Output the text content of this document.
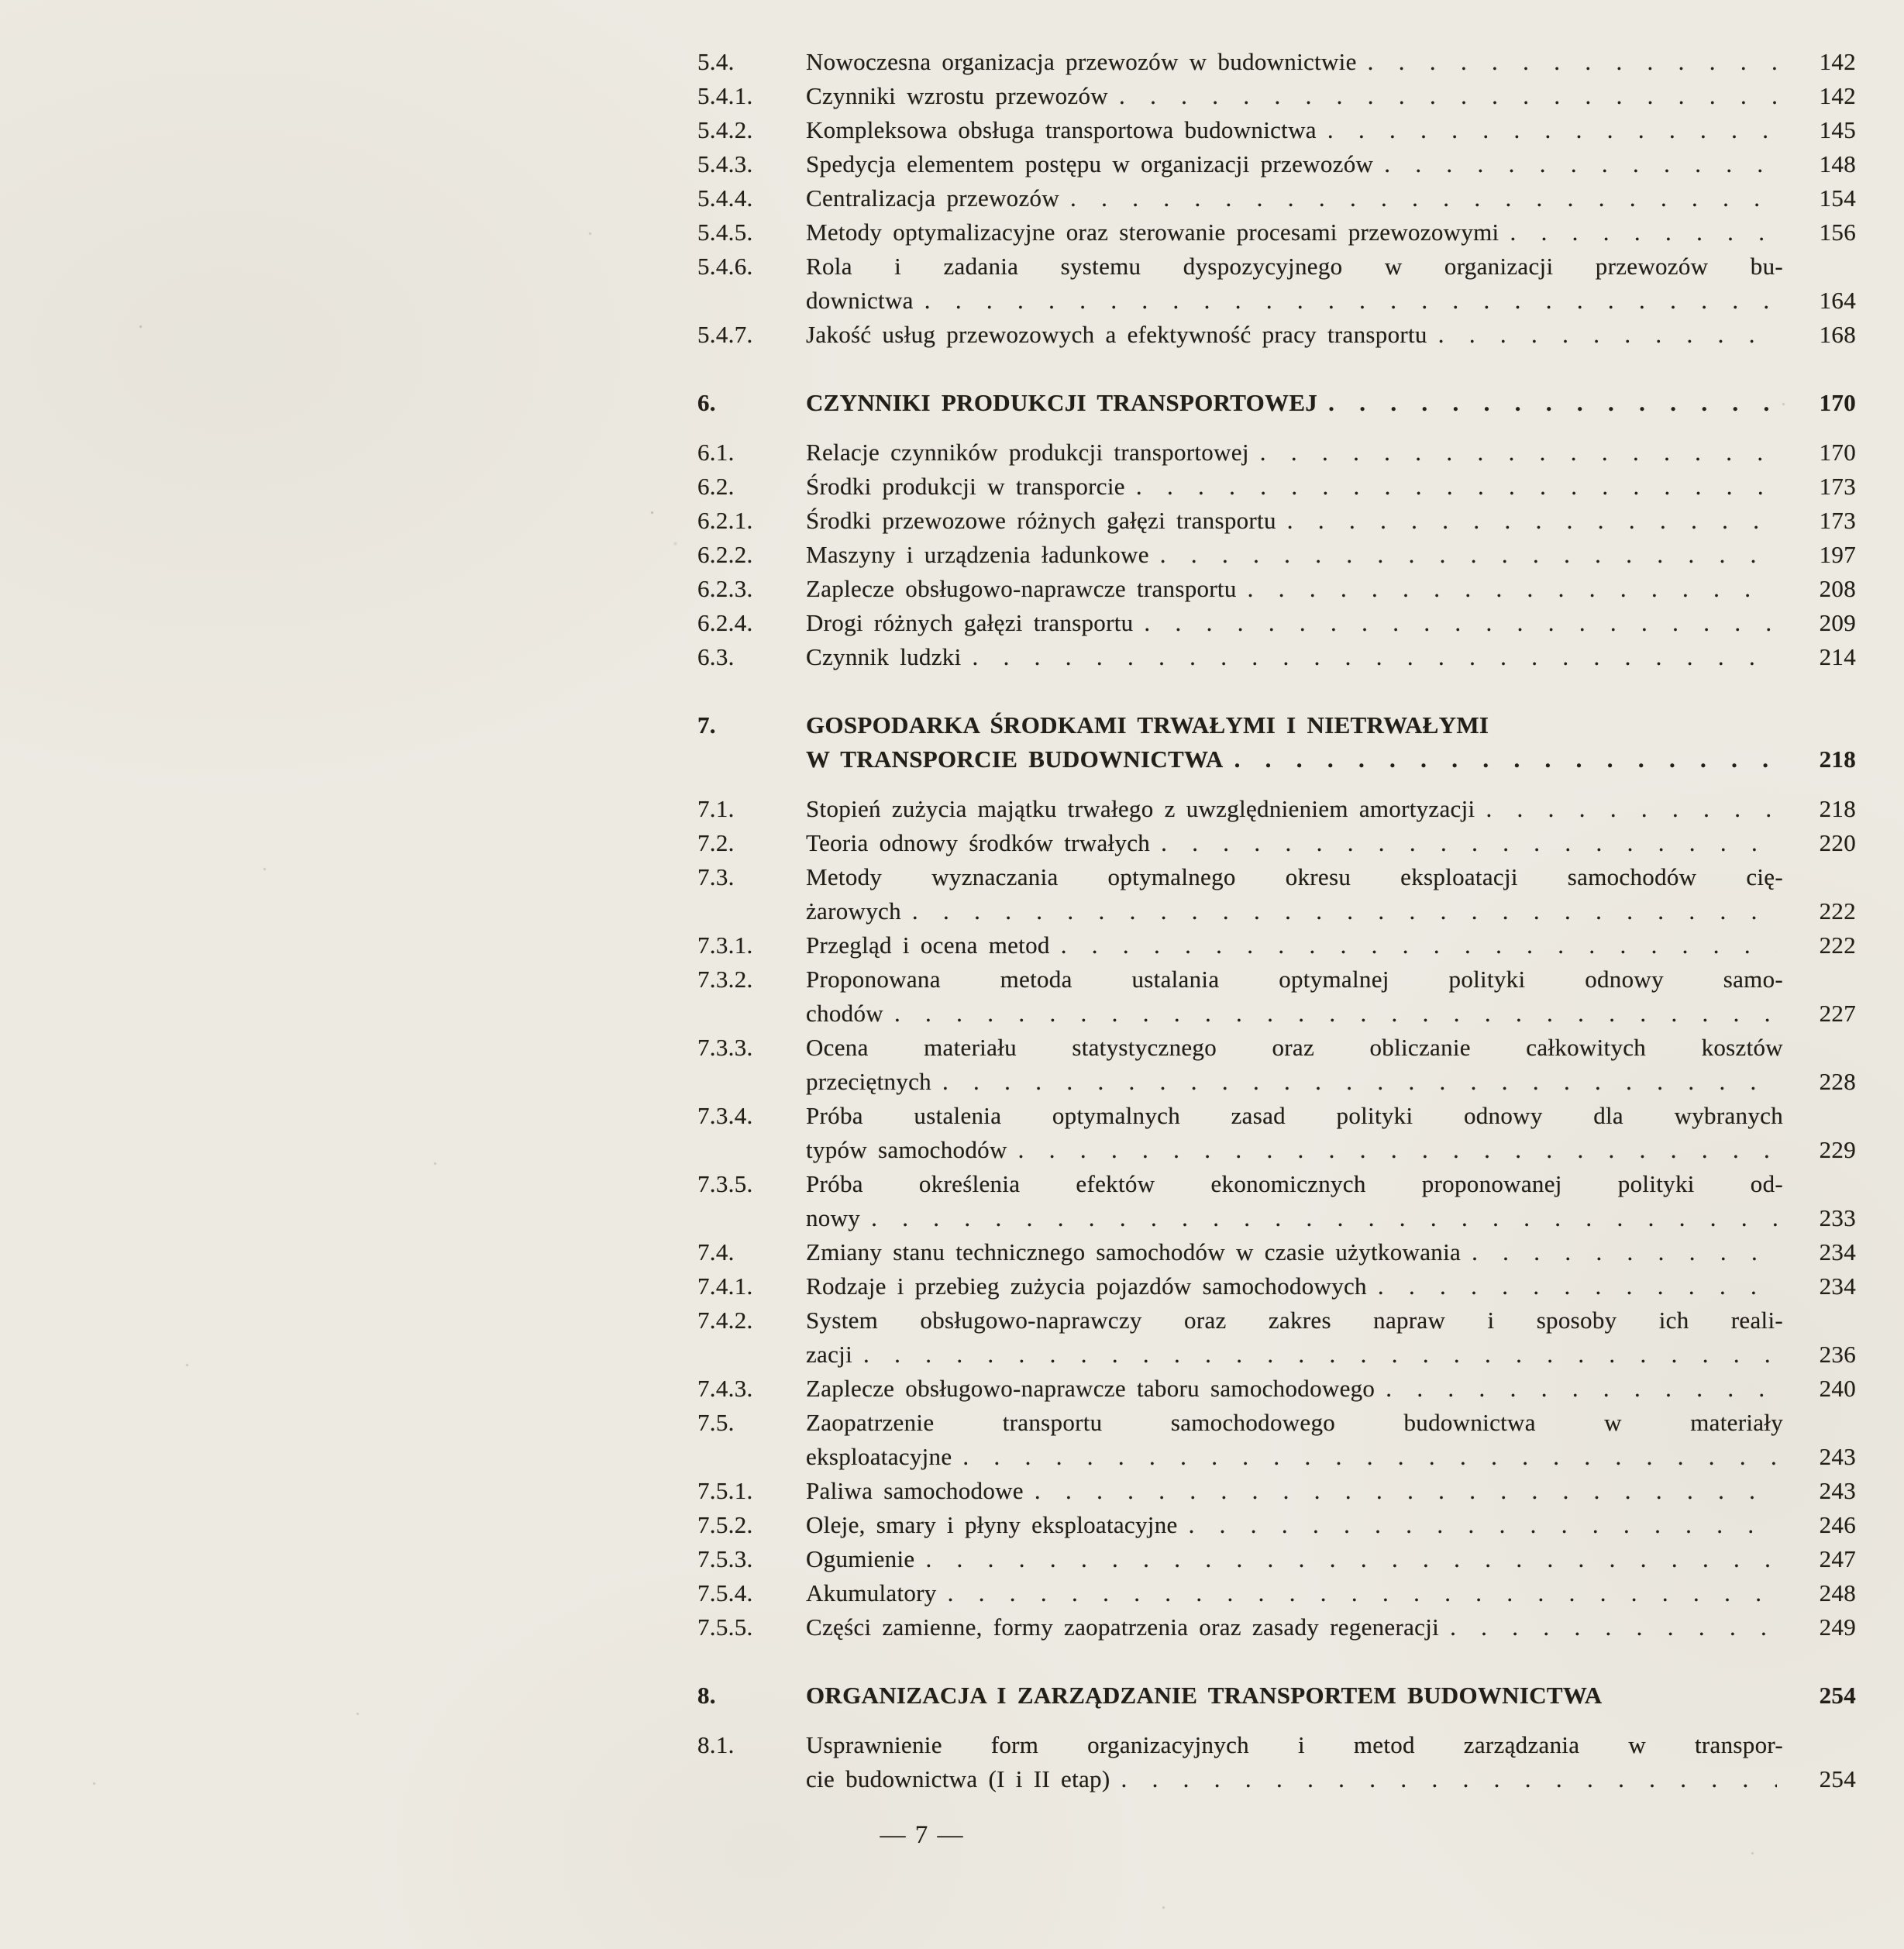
5.4.	Nowoczesna organizacja przewozów w budownictwie . . .	142
5.4.1.	Czynniki wzrostu przewozów . . .	142
5.4.2.	Kompleksowa obsługa transportowa budownictwa . . .	145
5.4.3.	Spedycja elementem postępu w organizacji przewozów . . .	148
5.4.4.	Centralizacja przewozów . . .	154
5.4.5.	Metody optymalizacyjne oraz sterowanie procesami przewozowymi . . .	156
5.4.6.	Rola i zadania systemu dyspozycyjnego w organizacji przewozów bu-
downictwa . . .	164
5.4.7.	Jakość usług przewozowych a efektywność pracy transportu . . .	168
6.	CZYNNIKI PRODUKCJI TRANSPORTOWEJ . . .	170
6.1.	Relacje czynników produkcji transportowej . . .	170
6.2.	Środki produkcji w transporcie . . .	173
6.2.1.	Środki przewozowe różnych gałęzi transportu . . .	173
6.2.2.	Maszyny i urządzenia ładunkowe . . .	197
6.2.3.	Zaplecze obsługowo-naprawcze transportu . . .	208
6.2.4.	Drogi różnych gałęzi transportu . . .	209
6.3.	Czynnik ludzki . . .	214
7.	GOSPODARKA ŚRODKAMI TRWAŁYMI I NIETRWAŁYMI
W TRANSPORCIE BUDOWNICTWA . . .	218
7.1.	Stopień zużycia majątku trwałego z uwzględnieniem amortyzacji . . .	218
7.2.	Teoria odnowy środków trwałych . . .	220
7.3.	Metody wyznaczania optymalnego okresu eksploatacji samochodów cię-
żarowych . . .	222
7.3.1.	Przegląd i ocena metod . . .	222
7.3.2.	Proponowana metoda ustalania optymalnej polityki odnowy samo-
chodów . . .	227
7.3.3.	Ocena materiału statystycznego oraz obliczanie całkowitych kosztów
przeciętnych . . .	228
7.3.4.	Próba ustalenia optymalnych zasad polityki odnowy dla wybranych
typów samochodów . . .	229
7.3.5.	Próba określenia efektów ekonomicznych proponowanej polityki od-
nowy . . .	233
7.4.	Zmiany stanu technicznego samochodów w czasie użytkowania . . .	234
7.4.1.	Rodzaje i przebieg zużycia pojazdów samochodowych . . .	234
7.4.2.	System obsługowo-naprawczy oraz zakres napraw i sposoby ich reali-
zacji . . .	236
7.4.3.	Zaplecze obsługowo-naprawcze taboru samochodowego . . .	240
7.5.	Zaopatrzenie transportu samochodowego budownictwa w materiały
eksploatacyjne . . .	243
7.5.1.	Paliwa samochodowe . . .	243
7.5.2.	Oleje, smary i płyny eksploatacyjne . . .	246
7.5.3.	Ogumienie . . .	247
7.5.4.	Akumulatory . . .	248
7.5.5.	Części zamienne, formy zaopatrzenia oraz zasady regeneracji . . .	249
8.	ORGANIZACJA I ZARZĄDZANIE TRANSPORTEM BUDOWNICTWA	254
8.1.	Usprawnienie form organizacyjnych i metod zarządzania w transpor-
cie budownictwa (I i II etap) . . .	254
— 7 —
